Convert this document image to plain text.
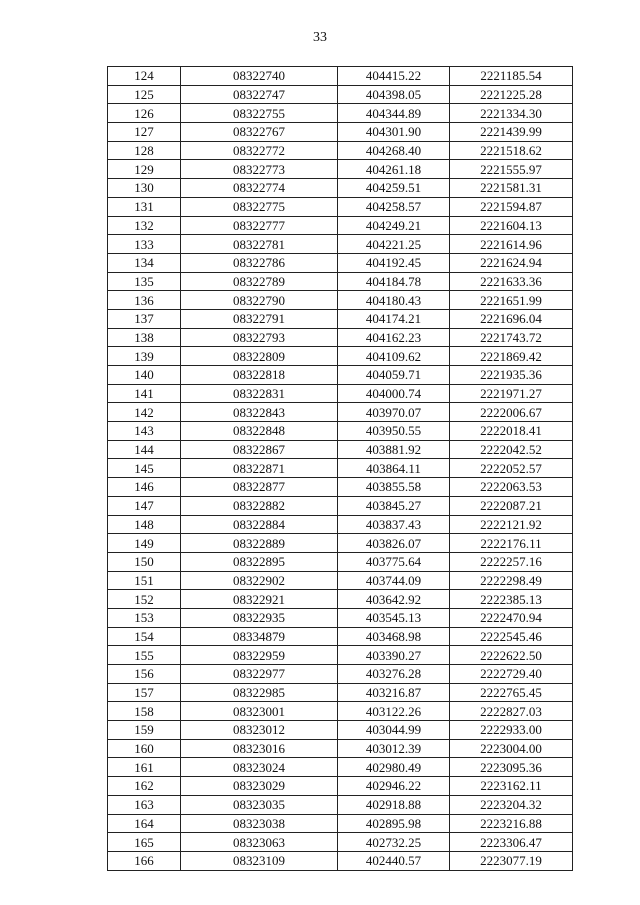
33
124	08322740	404415.22	2221185.54
125	08322747	404398.05	2221225.28
126	08322755	404344.89	2221334.30
127	08322767	404301.90	2221439.99
128	08322772	404268.40	2221518.62
129	08322773	404261.18	2221555.97
130	08322774	404259.51	2221581.31
131	08322775	404258.57	2221594.87
132	08322777	404249.21	2221604.13
133	08322781	404221.25	2221614.96
134	08322786	404192.45	2221624.94
135	08322789	404184.78	2221633.36
136	08322790	404180.43	2221651.99
137	08322791	404174.21	2221696.04
138	08322793	404162.23	2221743.72
139	08322809	404109.62	2221869.42
140	08322818	404059.71	2221935.36
141	08322831	404000.74	2221971.27
142	08322843	403970.07	2222006.67
143	08322848	403950.55	2222018.41
144	08322867	403881.92	2222042.52
145	08322871	403864.11	2222052.57
146	08322877	403855.58	2222063.53
147	08322882	403845.27	2222087.21
148	08322884	403837.43	2222121.92
149	08322889	403826.07	2222176.11
150	08322895	403775.64	2222257.16
151	08322902	403744.09	2222298.49
152	08322921	403642.92	2222385.13
153	08322935	403545.13	2222470.94
154	08334879	403468.98	2222545.46
155	08322959	403390.27	2222622.50
156	08322977	403276.28	2222729.40
157	08322985	403216.87	2222765.45
158	08323001	403122.26	2222827.03
159	08323012	403044.99	2222933.00
160	08323016	403012.39	2223004.00
161	08323024	402980.49	2223095.36
162	08323029	402946.22	2223162.11
163	08323035	402918.88	2223204.32
164	08323038	402895.98	2223216.88
165	08323063	402732.25	2223306.47
166	08323109	402440.57	2223077.19
